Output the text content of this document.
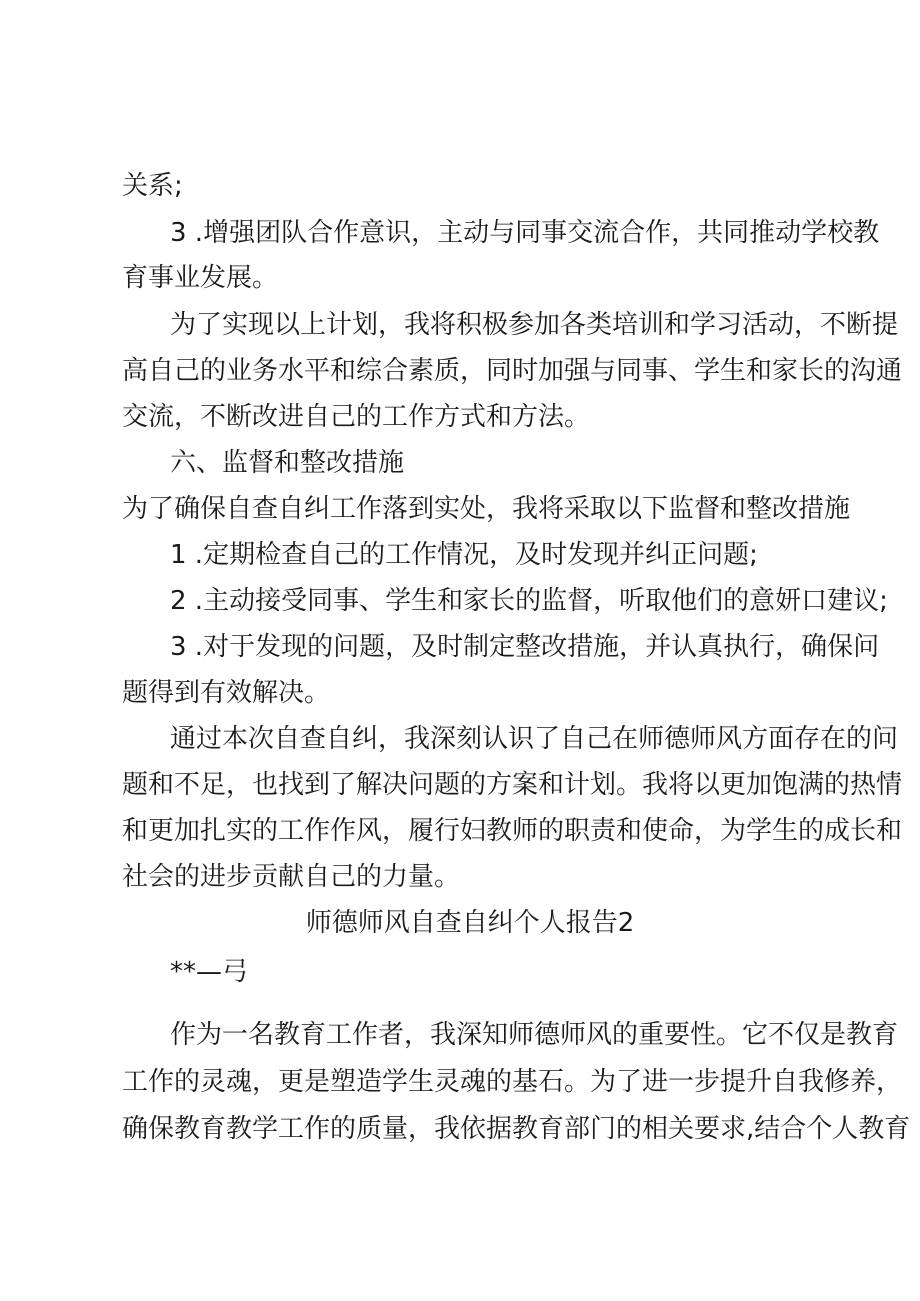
关系;
3 .增强团队合作意识，主动与同事交流合作，共同推动学校教
育事业发展。
为了实现以上计划，我将积极参加各类培训和学习活动，不断提
高自己的业务水平和综合素质，同时加强与同事、学生和家长的沟通
交流，不断改进自己的工作方式和方法。
六、监督和整改措施
为了确保自查自纠工作落到实处，我将采取以下监督和整改措施
1 .定期检查自己的工作情况，及时发现并纠正问题;
2 .主动接受同事、学生和家长的监督，听取他们的意妍口建议;
3 .对于发现的问题，及时制定整改措施，并认真执行，确保问
题得到有效解决。
通过本次自查自纠，我深刻认识了自己在师德师风方面存在的问
题和不足，也找到了解决问题的方案和计划。我将以更加饱满的热情
和更加扎实的工作作风，履行妇教师的职责和使命，为学生的成长和
社会的进步贡献自己的力量。
师德师风自查自纠个人报告2
**—弓
作为一名教育工作者，我深知师德师风的重要性。它不仅是教育
工作的灵魂，更是塑造学生灵魂的基石。为了进一步提升自我修养，
确保教育教学工作的质量，我依据教育部门的相关要求,结合个人教育
